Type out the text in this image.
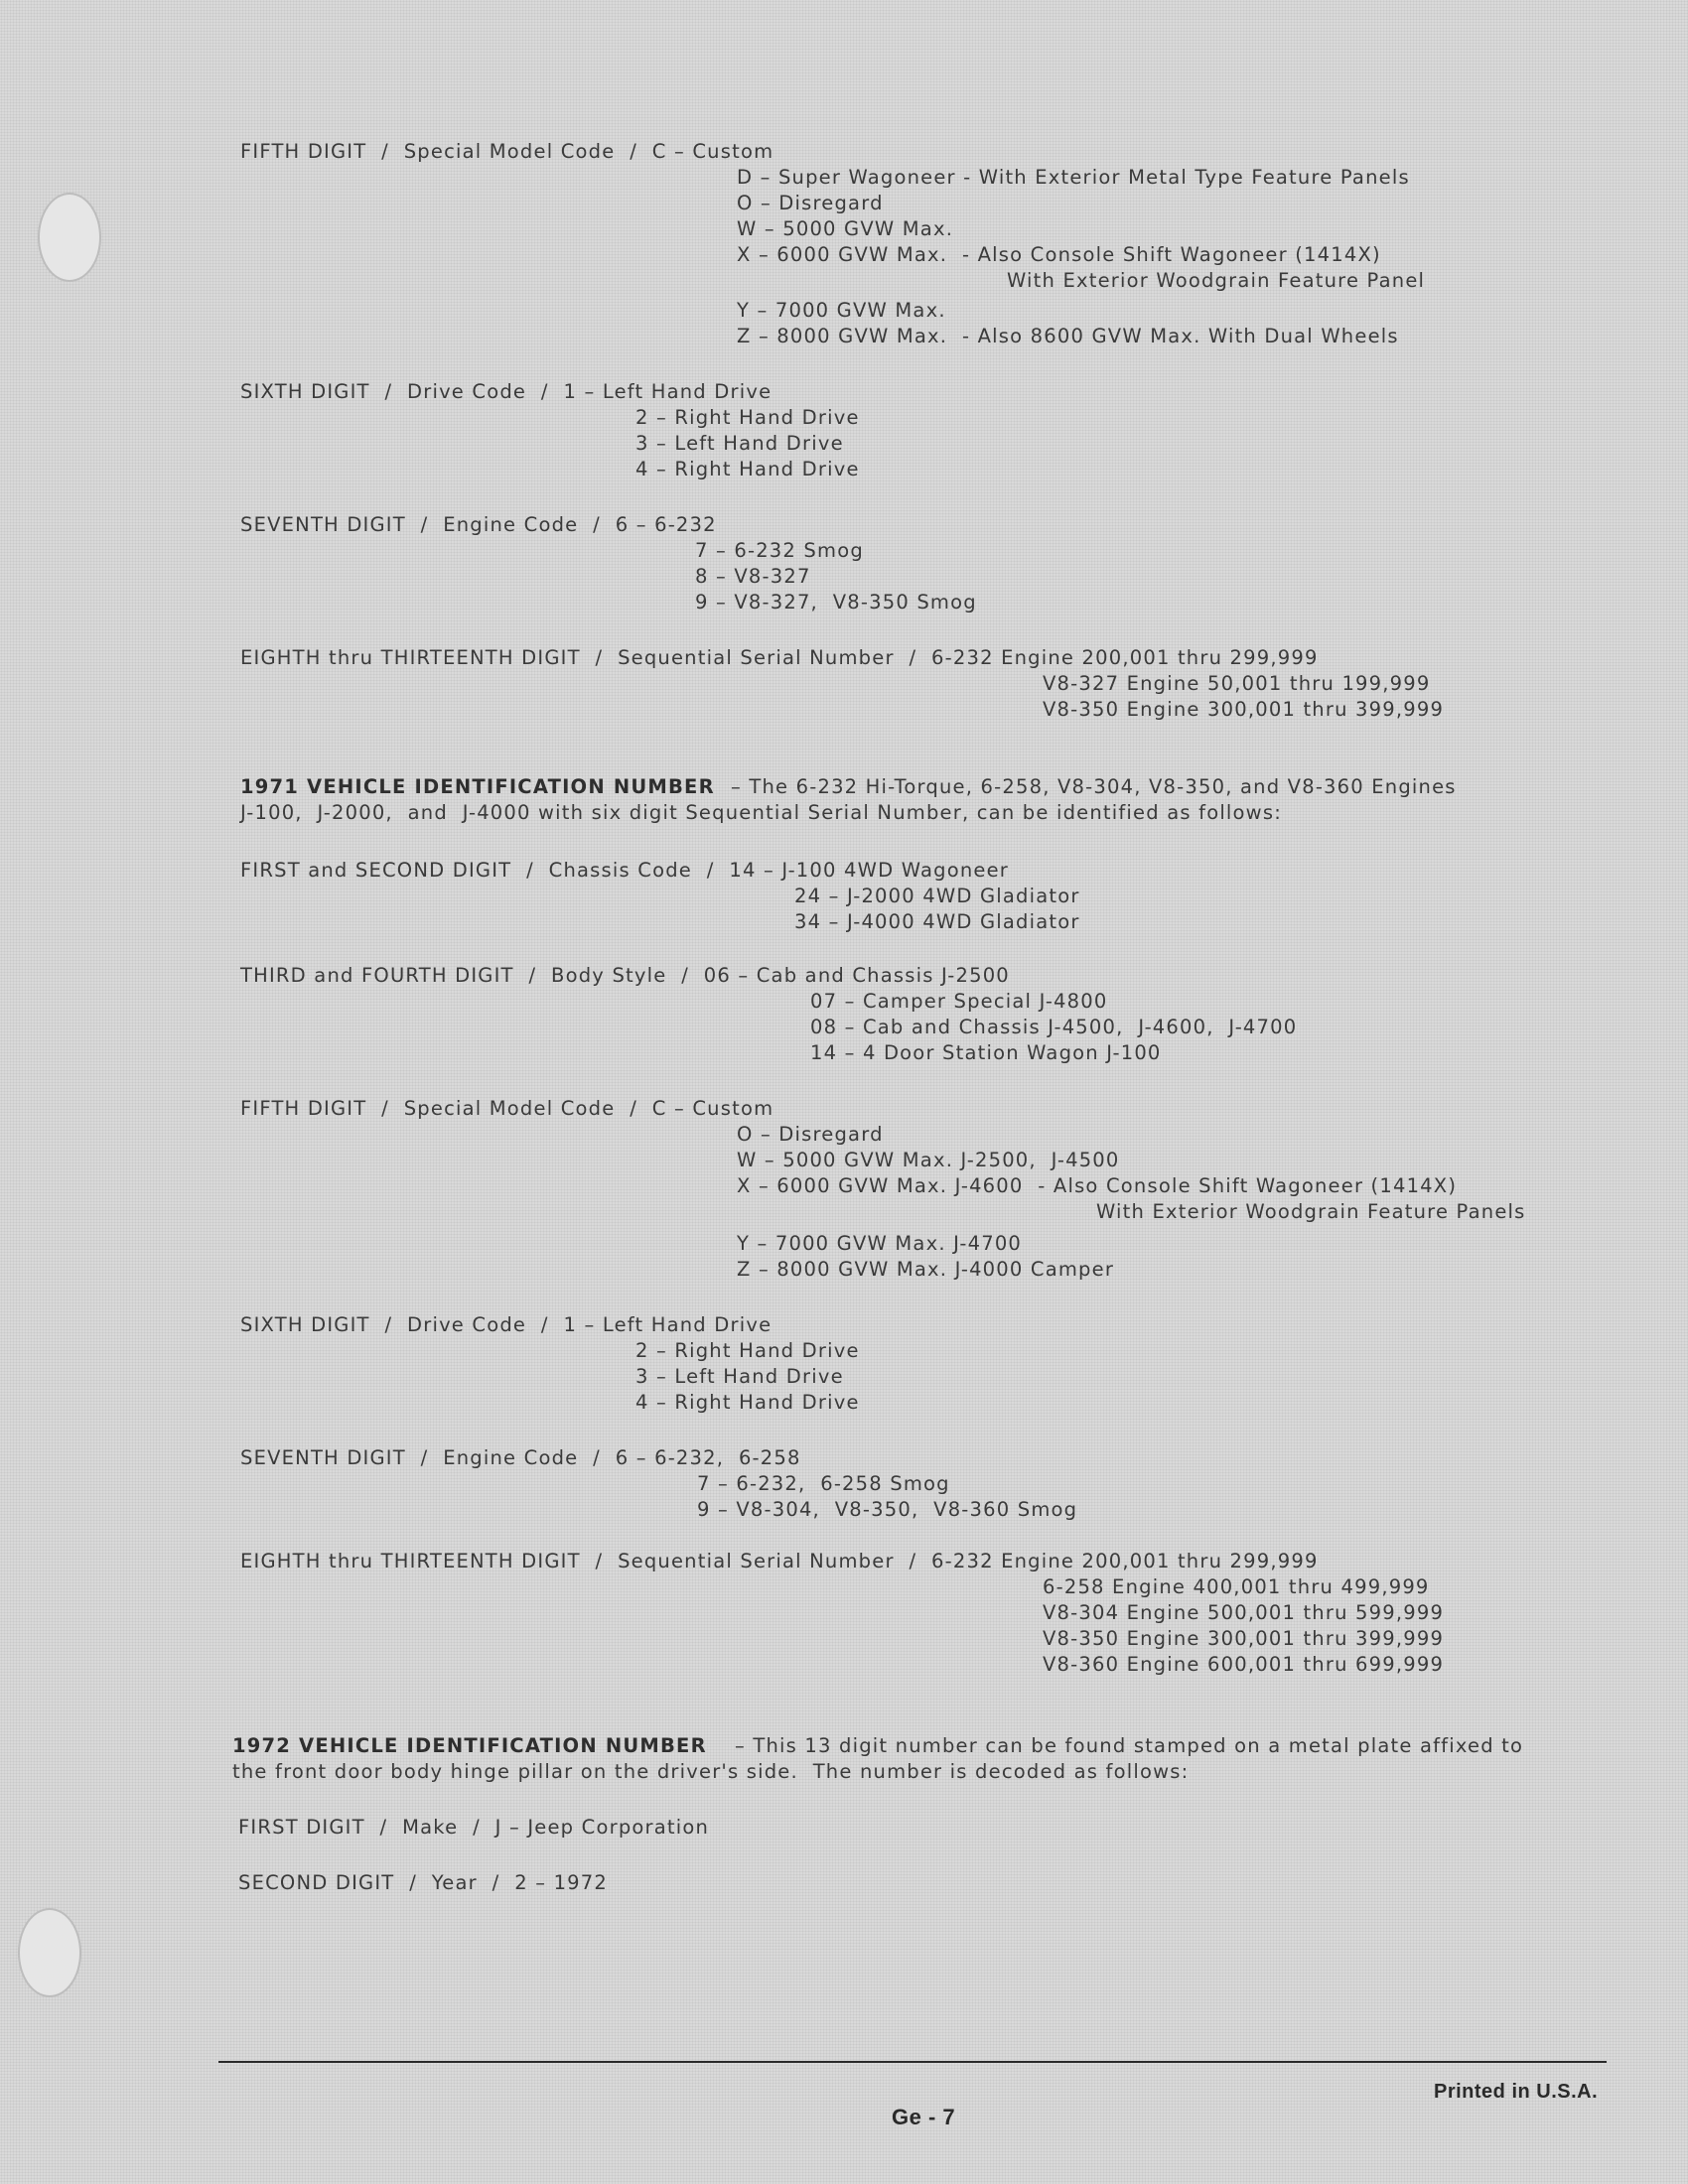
FIFTH DIGIT  /  Special Model Code  /  C – Custom
D – Super Wagoneer - With Exterior Metal Type Feature Panels
O – Disregard
W – 5000 GVW Max.
X – 6000 GVW Max.  - Also Console Shift Wagoneer (1414X)
With Exterior Woodgrain Feature Panel
Y – 7000 GVW Max.
Z – 8000 GVW Max.  - Also 8600 GVW Max. With Dual Wheels
SIXTH DIGIT  /  Drive Code  /  1 – Left Hand Drive
2 – Right Hand Drive
3 – Left Hand Drive
4 – Right Hand Drive
SEVENTH DIGIT  /  Engine Code  /  6 – 6-232
7 – 6-232 Smog
8 – V8-327
9 – V8-327,  V8-350 Smog
EIGHTH thru THIRTEENTH DIGIT  /  Sequential Serial Number  /  6-232 Engine 200,001 thru 299,999
V8-327 Engine 50,001 thru 199,999
V8-350 Engine 300,001 thru 399,999
1971 VEHICLE IDENTIFICATION NUMBER – The 6-232 Hi-Torque, 6-258, V8-304, V8-350, and V8-360 Engines
J-100,  J-2000,  and  J-4000 with six digit Sequential Serial Number, can be identified as follows:
FIRST and SECOND DIGIT  /  Chassis Code  /  14 – J-100 4WD Wagoneer
24 – J-2000 4WD Gladiator
34 – J-4000 4WD Gladiator
THIRD and FOURTH DIGIT  /  Body Style  /  06 – Cab and Chassis J-2500
07 – Camper Special J-4800
08 – Cab and Chassis J-4500,  J-4600,  J-4700
14 – 4 Door Station Wagon J-100
FIFTH DIGIT  /  Special Model Code  /  C – Custom
O – Disregard
W – 5000 GVW Max. J-2500,  J-4500
X – 6000 GVW Max. J-4600  - Also Console Shift Wagoneer (1414X)
With Exterior Woodgrain Feature Panels
Y – 7000 GVW Max. J-4700
Z – 8000 GVW Max. J-4000 Camper
SIXTH DIGIT  /  Drive Code  /  1 – Left Hand Drive
2 – Right Hand Drive
3 – Left Hand Drive
4 – Right Hand Drive
SEVENTH DIGIT  /  Engine Code  /  6 – 6-232,  6-258
7 – 6-232,  6-258 Smog
9 – V8-304,  V8-350,  V8-360 Smog
EIGHTH thru THIRTEENTH DIGIT  /  Sequential Serial Number  /  6-232 Engine 200,001 thru 299,999
6-258 Engine 400,001 thru 499,999
V8-304 Engine 500,001 thru 599,999
V8-350 Engine 300,001 thru 399,999
V8-360 Engine 600,001 thru 699,999
1972 VEHICLE IDENTIFICATION NUMBER – This 13 digit number can be found stamped on a metal plate affixed to
the front door body hinge pillar on the driver's side.  The number is decoded as follows:
FIRST DIGIT  /  Make  /  J – Jeep Corporation
SECOND DIGIT  /  Year  /  2 – 1972
Ge - 7
Printed in U.S.A.
